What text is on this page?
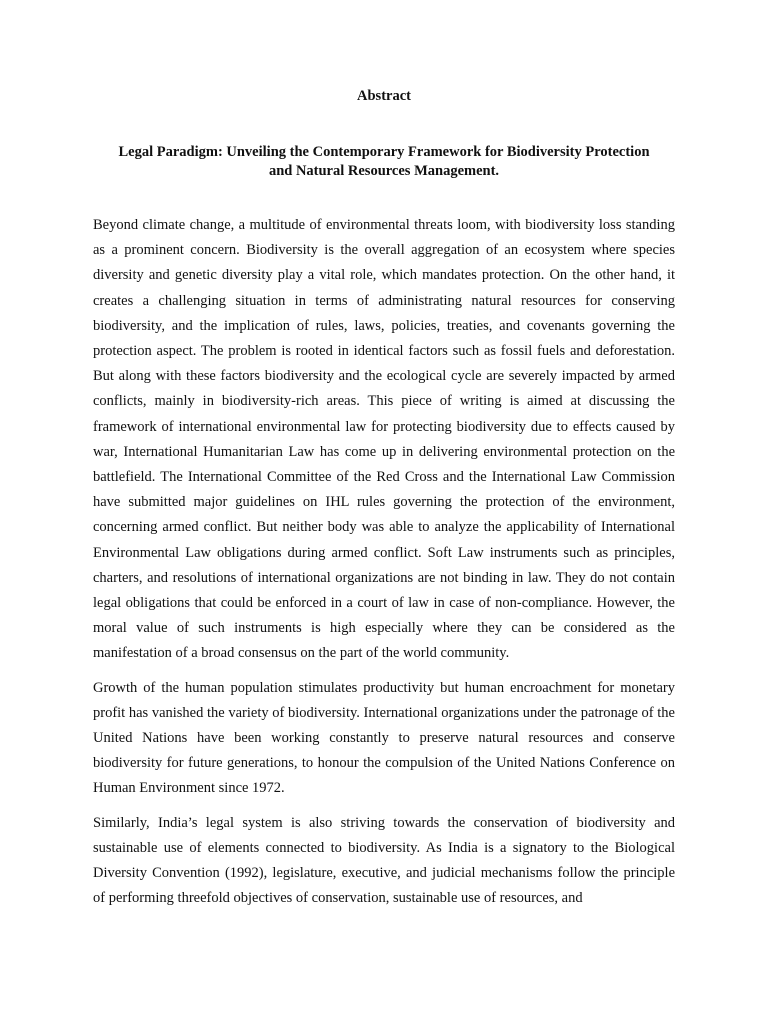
Abstract
Legal Paradigm: Unveiling the Contemporary Framework for Biodiversity Protection
and Natural Resources Management.

Beyond climate change, a multitude of environmental threats loom, with biodiversity loss standing as a prominent concern. Biodiversity is the overall aggregation of an ecosystem where species diversity and genetic diversity play a vital role, which mandates protection. On the other hand, it creates a challenging situation in terms of administrating natural resources for conserving biodiversity, and the implication of rules, laws, policies, treaties, and covenants governing the protection aspect. The problem is rooted in identical factors such as fossil fuels and deforestation. But along with these factors biodiversity and the ecological cycle are severely impacted by armed conflicts, mainly in biodiversity-rich areas. This piece of writing is aimed at discussing the framework of international environmental law for protecting biodiversity due to effects caused by war, International Humanitarian Law has come up in delivering environmental protection on the battlefield. The International Committee of the Red Cross and the International Law Commission have submitted major guidelines on IHL rules governing the protection of the environment, concerning armed conflict. But neither body was able to analyze the applicability of International Environmental Law obligations during armed conflict. Soft Law instruments such as principles, charters, and resolutions of international organizations are not binding in law. They do not contain legal obligations that could be enforced in a court of law in case of non-compliance. However, the moral value of such instruments is high especially where they can be considered as the manifestation of a broad consensus on the part of the world community.

Growth of the human population stimulates productivity but human encroachment for monetary profit has vanished the variety of biodiversity. International organizations under the patronage of the United Nations have been working constantly to preserve natural resources and conserve biodiversity for future generations, to honour the compulsion of the United Nations Conference on Human Environment since 1972.

Similarly, India’s legal system is also striving towards the conservation of biodiversity and sustainable use of elements connected to biodiversity. As India is a signatory to the Biological Diversity Convention (1992), legislature, executive, and judicial mechanisms follow the principle of performing threefold objectives of conservation, sustainable use of resources, and
